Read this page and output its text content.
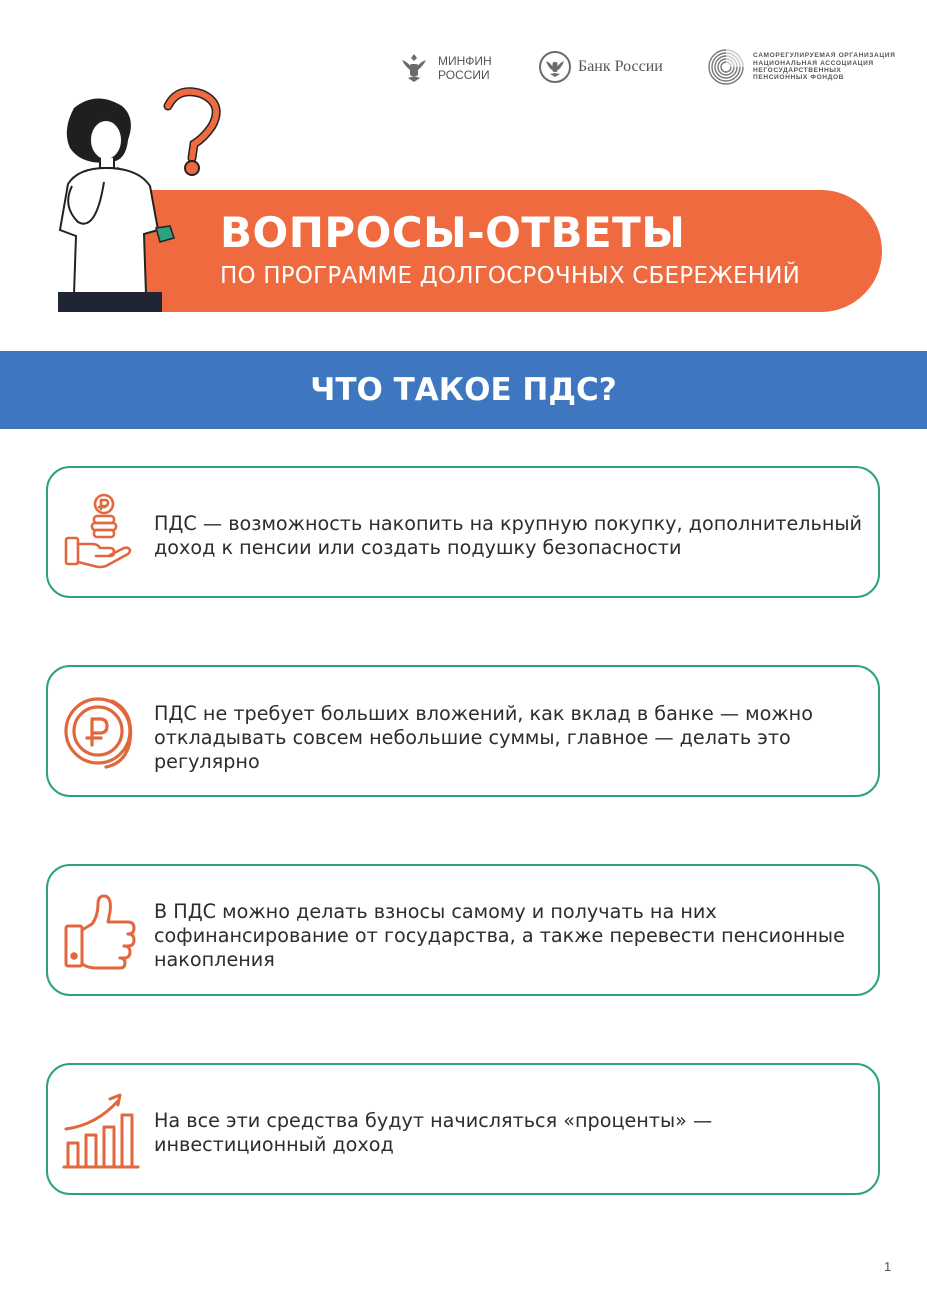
МИНФИН
РОССИИ	Банк России
САМОРЕГУЛИРУЕМАЯ ОРГАНИЗАЦИЯ
НАЦИОНАЛЬНАЯ АССОЦИАЦИЯ
НЕГОСУДАРСТВЕННЫХ
ПЕНСИОННЫХ ФОНДОВ
ВОПРОСЫ-ОТВЕТЫ
ПО ПРОГРАММЕ ДОЛГОСРОЧНЫХ СБЕРЕЖЕНИЙ
ЧТО ТАКОЕ ПДС?
ПДС — возможность накопить на крупную покупку, дополнительный доход к пенсии или создать подушку безопасности
ПДС не требует больших вложений, как вклад в банке — можно откладывать совсем небольшие суммы, главное — делать это регулярно
В ПДС можно делать взносы самому и получать на них софинансирование от государства, а также перевести пенсионные накопления
На все эти средства будут начисляться «проценты» — инвестиционный доход
1
